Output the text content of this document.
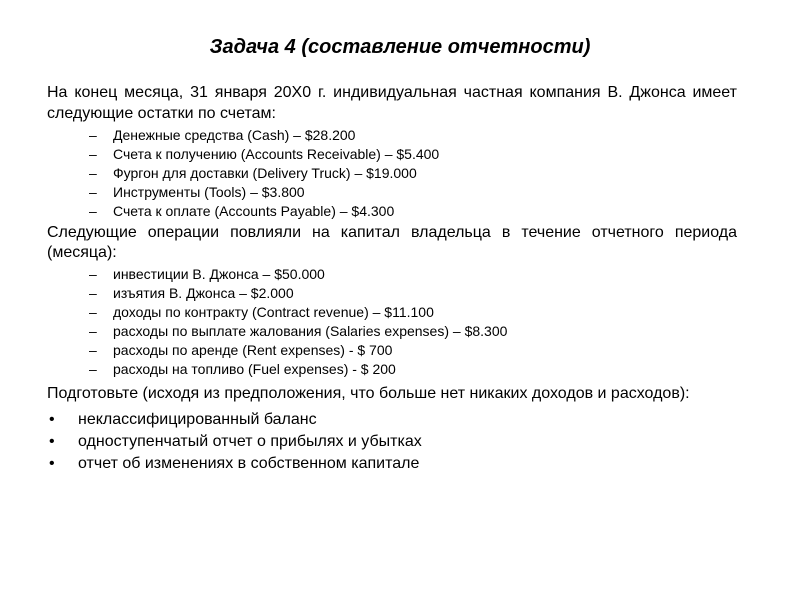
Задача 4 (составление отчетности)

На конец месяца, 31 января 20Х0 г. индивидуальная частная компания В. Джонса имеет следующие остатки по счетам:

– Денежные средства (Cash) – $28.200
– Счета к получению (Accounts Receivable) – $5.400
– Фургон для доставки (Delivery Truck) – $19.000
– Инструменты (Tools) – $3.800
– Счета к оплате (Accounts Payable) – $4.300

Следующие операции повлияли на капитал владельца в течение отчетного периода (месяца):

– инвестиции В. Джонса – $50.000
– изъятия В. Джонса – $2.000
– доходы по контракту (Contract revenue) – $11.100
– расходы по выплате жалования (Salaries expenses) – $8.300
– расходы по аренде (Rent expenses) - $ 700
– расходы на топливо (Fuel expenses) - $ 200

Подготовьте (исходя из предположения, что больше нет никаких доходов и расходов):

• неклассифицированный баланс
• одноступенчатый отчет о прибылях и убытках
• отчет об изменениях в собственном капитале
